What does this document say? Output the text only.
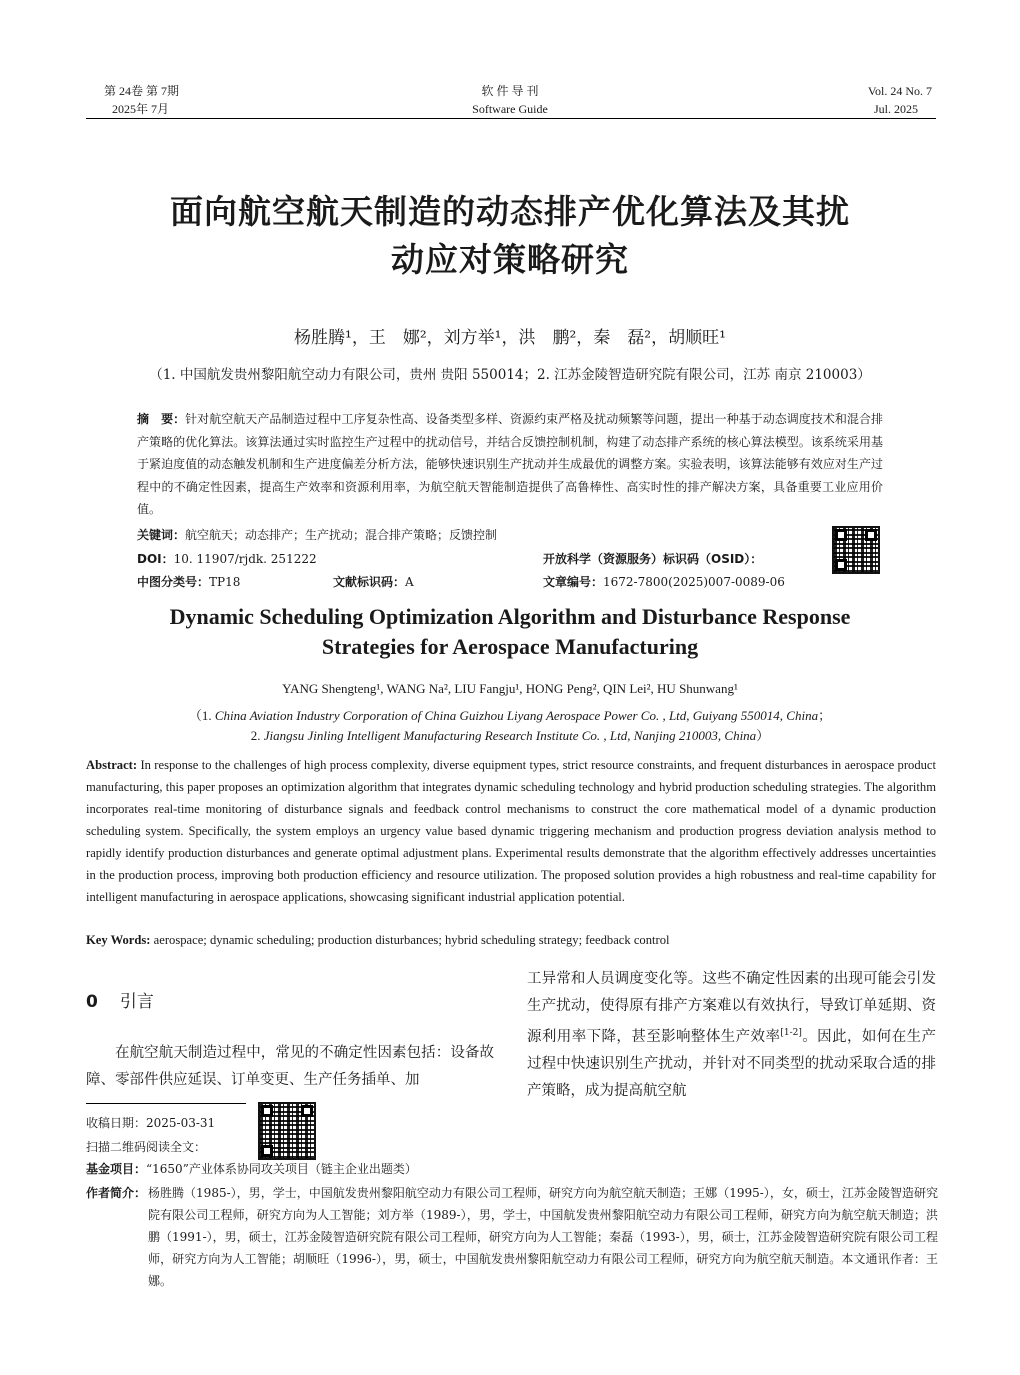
第 24卷 第 7期
2025年 7月
软 件 导 刊
Software Guide
Vol. 24 No. 7
Jul. 2025
面向航空航天制造的动态排产优化算法及其扰
动应对策略研究
杨胜腾¹，王　娜²，刘方举¹，洪　鹏²，秦　磊²，胡顺旺¹
（1. 中国航发贵州黎阳航空动力有限公司，贵州 贵阳 550014；2. 江苏金陵智造研究院有限公司，江苏 南京 210003）
摘　要：针对航空航天产品制造过程中工序复杂性高、设备类型多样、资源约束严格及扰动频繁等问题，提出一种基于动态调度技术和混合排产策略的优化算法。该算法通过实时监控生产过程中的扰动信号，并结合反馈控制机制，构建了动态排产系统的核心算法模型。该系统采用基于紧迫度值的动态触发机制和生产进度偏差分析方法，能够快速识别生产扰动并生成最优的调整方案。实验表明，该算法能够有效应对生产过程中的不确定性因素，提高生产效率和资源利用率，为航空航天智能制造提供了高鲁棒性、高实时性的排产解决方案，具备重要工业应用价值。
关键词：航空航天；动态排产；生产扰动；混合排产策略；反馈控制
DOI：10. 11907/rjdk. 251222	开放科学（资源服务）标识码（OSID）：
中图分类号：TP18	文献标识码：A	文章编号：1672-7800(2025)007-0089-06
Dynamic Scheduling Optimization Algorithm and Disturbance Response
Strategies for Aerospace Manufacturing
YANG Shengteng¹, WANG Na², LIU Fangju¹, HONG Peng², QIN Lei², HU Shunwang¹
（1. China Aviation Industry Corporation of China Guizhou Liyang Aerospace Power Co. , Ltd, Guiyang 550014, China；
2. Jiangsu Jinling Intelligent Manufacturing Research Institute Co. , Ltd, Nanjing 210003, China）
Abstract: In response to the challenges of high process complexity, diverse equipment types, strict resource constraints, and frequent disturbances in aerospace product manufacturing, this paper proposes an optimization algorithm that integrates dynamic scheduling technology and hybrid production scheduling strategies. The algorithm incorporates real-time monitoring of disturbance signals and feedback control mechanisms to construct the core mathematical model of a dynamic production scheduling system. Specifically, the system employs an urgency value based dynamic triggering mechanism and production progress deviation analysis method to rapidly identify production disturbances and generate optimal adjustment plans. Experimental results demonstrate that the algorithm effectively addresses uncertainties in the production process, improving both production efficiency and resource utilization. The proposed solution provides a high robustness and real-time capability for intelligent manufacturing in aerospace applications, showcasing significant industrial application potential.
Key Words: aerospace; dynamic scheduling; production disturbances; hybrid scheduling strategy; feedback control
0 引言

在航空航天制造过程中，常见的不确定性因素包括：设备故障、零部件供应延误、订单变更、生产任务插单、加

工异常和人员调度变化等。这些不确定性因素的出现可能会引发生产扰动，使得原有排产方案难以有效执行，导致订单延期、资源利用率下降，甚至影响整体生产效率[1-2]。因此，如何在生产过程中快速识别生产扰动，并针对不同类型的扰动采取合适的排产策略，成为提高航空航

收稿日期：2025-03-31
扫描二维码阅读全文：
基金项目：“1650”产业体系协同攻关项目（链主企业出题类）
作者简介： 杨胜腾（1985-），男，学士，中国航发贵州黎阳航空动力有限公司工程师，研究方向为航空航天制造；王娜（1995-），女，硕士，江苏金陵智造研究院有限公司工程师，研究方向为人工智能；刘方举（1989-），男，学士，中国航发贵州黎阳航空动力有限公司工程师，研究方向为航空航天制造；洪鹏（1991-），男，硕士，江苏金陵智造研究院有限公司工程师，研究方向为人工智能；秦磊（1993-），男，硕士，江苏金陵智造研究院有限公司工程师，研究方向为人工智能；胡顺旺（1996-），男，硕士，中国航发贵州黎阳航空动力有限公司工程师，研究方向为航空航天制造。本文通讯作者：王娜。
